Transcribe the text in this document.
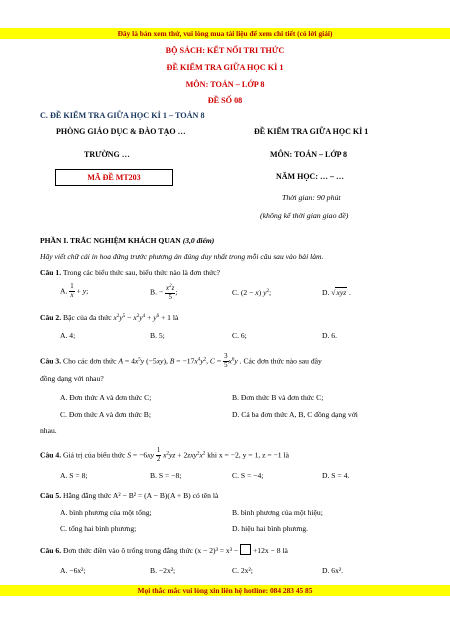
Đây là bản xem thử, vui lòng mua tài liệu để xem chi tiết (có lời giải)
BỘ SÁCH: KẾT NỐI TRI THỨC
ĐỀ KIỂM TRA GIỮA HỌC KÌ 1
MÔN: TOÁN – LỚP 8
ĐỀ SỐ 08
C. ĐỀ KIỂM TRA GIỮA HỌC KÌ 1 – TOÁN 8
PHÒNG GIÁO DỤC & ĐÀO TẠO …
TRƯỜNG …
MÃ ĐỀ MT203
ĐỀ KIỂM TRA GIỮA HỌC KÌ 1
MÔN: TOÁN – LỚP 8
NĂM HỌC: … – …
Thời gian: 90 phút
(không kể thời gian giao đề)
PHẦN I. TRẮC NGHIỆM KHÁCH QUAN (3,0 điểm)
Hãy viết chữ cái in hoa đứng trước phương án đúng duy nhất trong mỗi câu sau vào bài làm.
Câu 1. Trong các biểu thức sau, biểu thức nào là đơn thức?
A. $\frac{1}{x} + y$;	B. − $\frac{x^2z}{5}$ ;	C. (2 − x) $y^2$;	D. √xyz .
Câu 2. Bậc của đa thức $x^2y^5 - x^2y^4 + y^6 + 1$ là
A. 4;	B. 5;	C. 6;	D. 6.
Câu 3. Cho các đơn thức $A = 4x^5y$ (−5xy), $B = -17x^4y^2$, $C = \frac{3}{5} x^6y$ . Các đơn thức nào sau đây
đồng dạng với nhau?
A. Đơn thức A và đơn thức C;	B. Đơn thức B và đơn thức C;
C. Đơn thức A và đơn thức B;	D. Cả ba đơn thức A, B, C đồng dạng với
nhau.
Câu 4. Giá trị của biểu thức $S = -6xy \frac{1}{2} x^2yz + 2zxy^2x^2$ khi x = −2, y = 1, z = −1 là
A. S = 8;	B. S = −8;	C. S = −4;	D. S = 4.
Câu 5. Hằng đẳng thức A² − B² = (A − B)(A + B) có tên là
A. bình phương của một tổng;	B. bình phương của một hiệu;
C. tổng hai bình phương;	D. hiệu hai bình phương.
Câu 6. Đơn thức điền vào ô trống trong đẳng thức (x − 2)³ = x³ − +12x − 8 là
A. −6x²;	B. −2x²;	C. 2x²;	D. 6x².
Mọi thắc mắc vui lòng xin liên hệ hotline: 084 283 45 85
